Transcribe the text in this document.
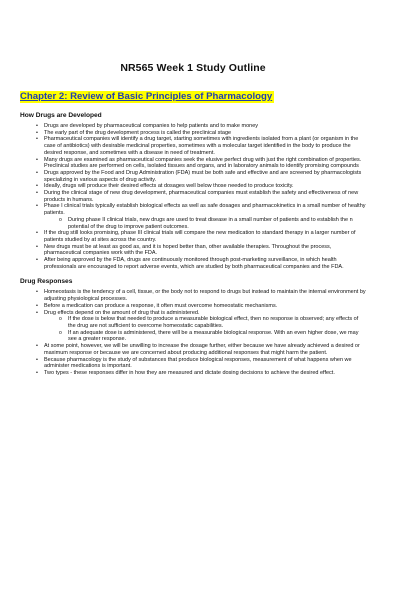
NR565 Week 1 Study Outline
Chapter 2: Review of Basic Principles of Pharmacology
How Drugs are Developed
• Drugs are developed by pharmaceutical companies to help patients and to make money
• The early part of the drug development process is called the preclinical stage
• Pharmaceutical companies will identify a drug target, starting sometimes with ingredients isolated from a plant (or organism in the case of antibiotics) with desirable medicinal properties, sometimes with a molecular target identified in the body to produce the desired response, and sometimes with a disease in need of treatment.
• Many drugs are examined as pharmaceutical companies seek the elusive perfect drug with just the right combination of properties. Preclinical studies are performed on cells, isolated tissues and organs, and in laboratory animals to identify promising compounds
• Drugs approved by the Food and Drug Administration (FDA) must be both safe and effective and are screened by pharmacologists specializing in various aspects of drug activity.
• Ideally, drugs will produce their desired effects at dosages well below those needed to produce toxicity.
• During the clinical stage of new drug development, pharmaceutical companies must establish the safety and effectiveness of new products in humans.
• Phase I clinical trials typically establish biological effects as well as safe dosages and pharmacokinetics in a small number of healthy patients.
o During phase II clinical trials, new drugs are used to treat disease in a small number of patients and to establish the n potential of the drug to improve patient outcomes.
• If the drug still looks promising, phase III clinical trials will compare the new medication to standard therapy in a larger number of patients studied by at sites across the country.
• New drugs must be at least as good as, and it is hoped better than, other available therapies. Throughout the process, pharmaceutical companies work with the FDA.
• After being approved by the FDA, drugs are continuously monitored through post-marketing surveillance, in which health professionals are encouraged to report adverse events, which are studied by both pharmaceutical companies and the FDA.
Drug Responses
• Homeostasis is the tendency of a cell, tissue, or the body not to respond to drugs but instead to maintain the internal environment by adjusting physiological processes.
• Before a medication can produce a response, it often must overcome homeostatic mechanisms.
• Drug effects depend on the amount of drug that is administered.
o If the dose is below that needed to produce a measurable biological effect, then no response is observed; any effects of the drug are not sufficient to overcome homeostatic capabilities.
o If an adequate dose is administered, there will be a measurable biological response. With an even higher dose, we may see a greater response.
• At some point, however, we will be unwilling to increase the dosage further, either because we have already achieved a desired or maximum response or because we are concerned about producing additional responses that might harm the patient.
• Because pharmacology is the study of substances that produce biological responses, measurement of what happens when we administer medications is important.
• Two types - these responses differ in how they are measured and dictate dosing decisions to achieve the desired effect.
